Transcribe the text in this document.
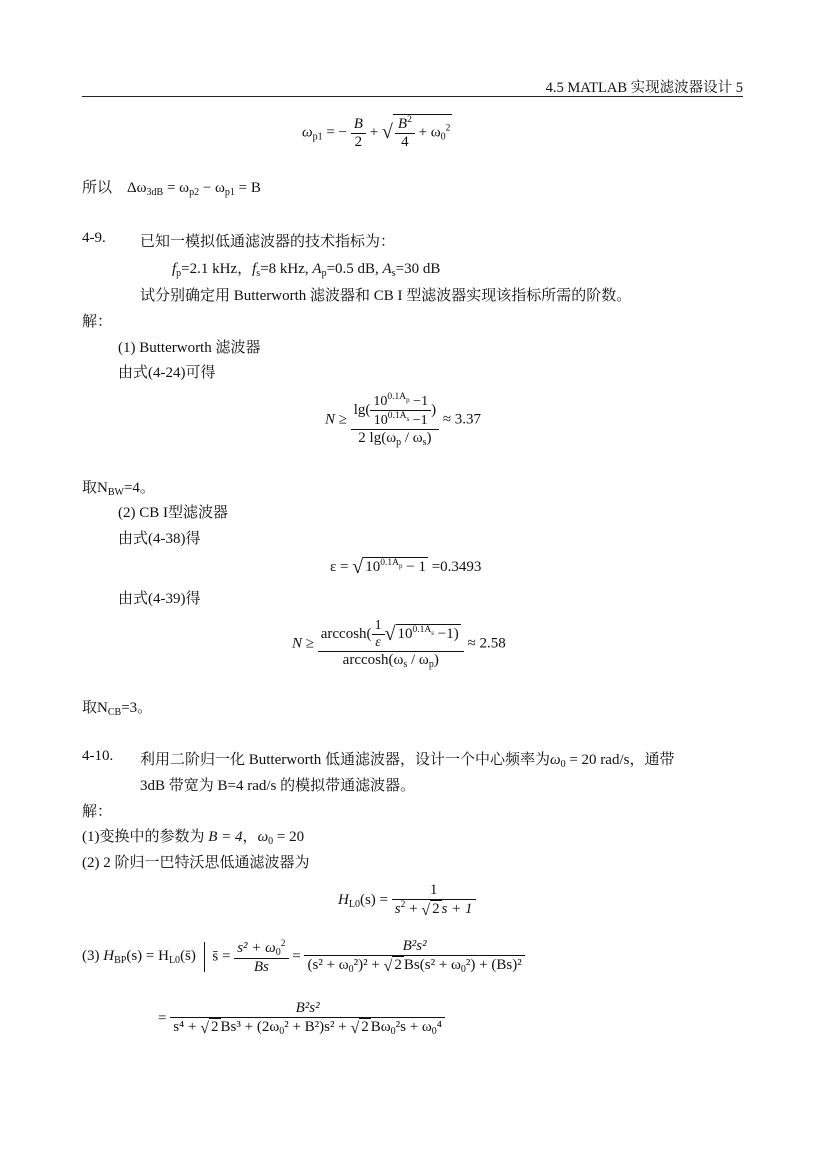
4.5 MATLAB 实现滤波器设计 5
$\omega_{p1}$ = − $\frac{B}{2}$ + √ $\frac{B^2}{4} + \omega_0^2$
所以 $\Delta\omega_{3dB} = \omega_{p2} - \omega_{p1} = B$
4-9. 已知一模拟低通滤波器的技术指标为：
$f_p=2.1$ kHz，$f_s=8$ kHz, $A_p=0.5$ dB, $A_s=30$ dB
试分别确定用 Butterworth 滤波器和 CB I 型滤波器实现该指标所需的阶数。
解：
(1) Butterworth 滤波器
由式(4-24)可得
$N \ge \frac{\lg( \frac{10^{0.1A_p} -1}{10^{0.1A_s} -1} )}{2 \lg(\omega_p / \omega_s)} \approx 3.37$
取$N_{BW}=4$。
(2) CB I型滤波器
由式(4-38)得
ε = √ $10^{0.1A_p} - 1 =0.3493$
由式(4-39)得
$N \ge \frac{\arccos h( \frac{1}{\varepsilon} √ 10^{0.1A_s} -1)}{\arccos h(\omega_s / \omega_p)} \approx 2.58$
取$N_{CB}=3$。
4-10. 利用二阶归一化 Butterworth 低通滤波器，设计一个中心频率为$\omega_0 = 20$ rad/s，通带
3dB 带宽为 B=4 rad/s 的模拟带通滤波器。
解：
(1)变换中的参数为 B = 4，$\omega_0 = 20$
(2) 2 阶归一巴特沃思低通滤波器为
$H_{L0}(s) = \frac{1}{s^2 + √ 2 s + 1}$
(3) $H_{BP}(s)$ = $H_{L0}(s̄)$ s̄ = $\frac{s^2 + \omega_0^2}{Bs} = \frac{\text{B²s²}}{(s^2 + \omega_0^2)^2 + √ 2 Bs(s^2 + \omega_0^2) + (Bs)^2}$
= $\frac{\text{B²s²}}{s^4 + √ 2 Bs^3 + (2\omega_0^2 + B^2)s^2 + √ 2 B\omega_0^2s + \omega_0^4}$
